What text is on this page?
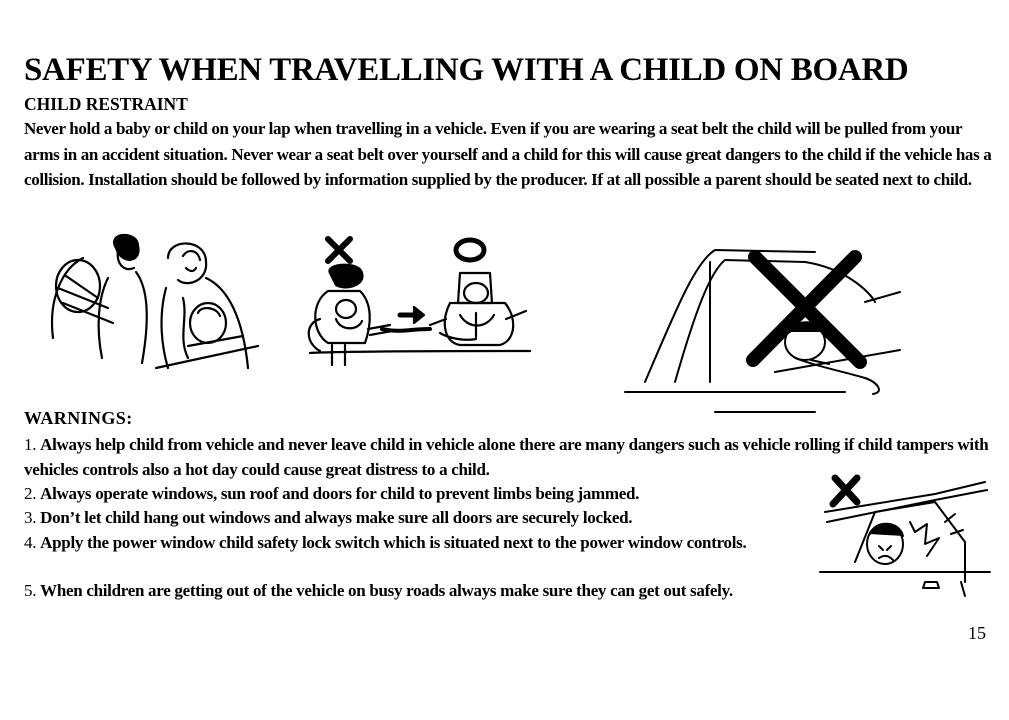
SAFETY WHEN TRAVELLING WITH A CHILD ON BOARD
CHILD RESTRAINT
Never hold a baby or child on your lap when travelling in a vehicle. Even if you are wearing a seat belt the child will be pulled from your arms in an accident situation. Never wear a seat belt over yourself and a child for this will cause great dangers to the child if the vehicle has a collision. Installation should be followed by information supplied by the producer. If at all possible a parent should be seated next to child.
WARNINGS:
1. Always help child from vehicle and never leave child in vehicle alone there are many dangers such as vehicle rolling if child tampers with vehicles controls also a hot day could cause great distress to a child.
2. Always operate windows, sun roof and doors for child to prevent limbs being jammed.
3. Don’t let child hang out windows and always make sure all doors are securely locked.
4. Apply the power window child safety lock switch which is situated next to the power window controls.
5. When children are getting out of the vehicle on busy roads always make sure they can get out safely.
15
